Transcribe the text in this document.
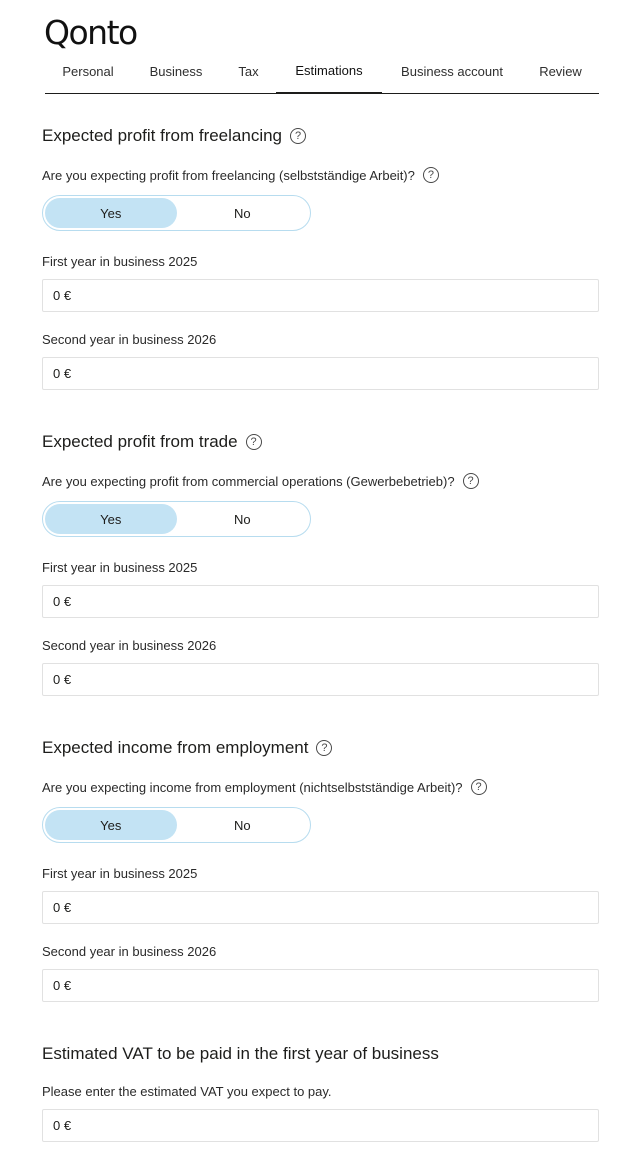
Qonto
Personal	Business	Tax	Estimations	Business account	Review
Expected profit from freelancing	?
Are you expecting profit from freelancing (selbstständige Arbeit)?	?
Yes	No
First year in business 2025
0 €
Second year in business 2026
0 €
Expected profit from trade	?
Are you expecting profit from commercial operations (Gewerbebetrieb)?	?
Yes	No
First year in business 2025
0 €
Second year in business 2026
0 €
Expected income from employment	?
Are you expecting income from employment (nichtselbstständige Arbeit)?	?
Yes	No
First year in business 2025
0 €
Second year in business 2026
0 €
Estimated VAT to be paid in the first year of business
Please enter the estimated VAT you expect to pay.
0 €
